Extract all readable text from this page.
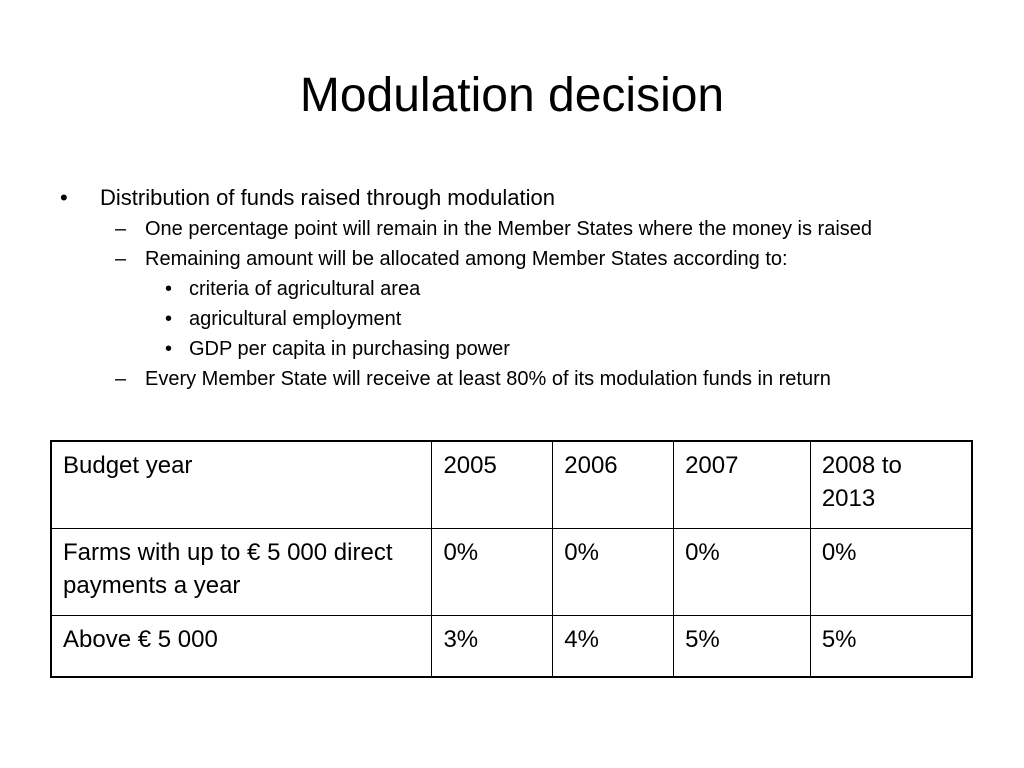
Modulation decision
• Distribution of funds raised through modulation
– One percentage point will remain in the Member States where the money is raised
– Remaining amount will be allocated among Member States according to:
• criteria of agricultural area
• agricultural employment
• GDP per capita in purchasing power
– Every Member State will receive at least 80% of its modulation funds in return
Budget year	2005	2006	2007	2008 to 2013
Farms with up to € 5 000 direct payments a year	0%	0%	0%	0%
Above € 5 000	3%	4%	5%	5%
